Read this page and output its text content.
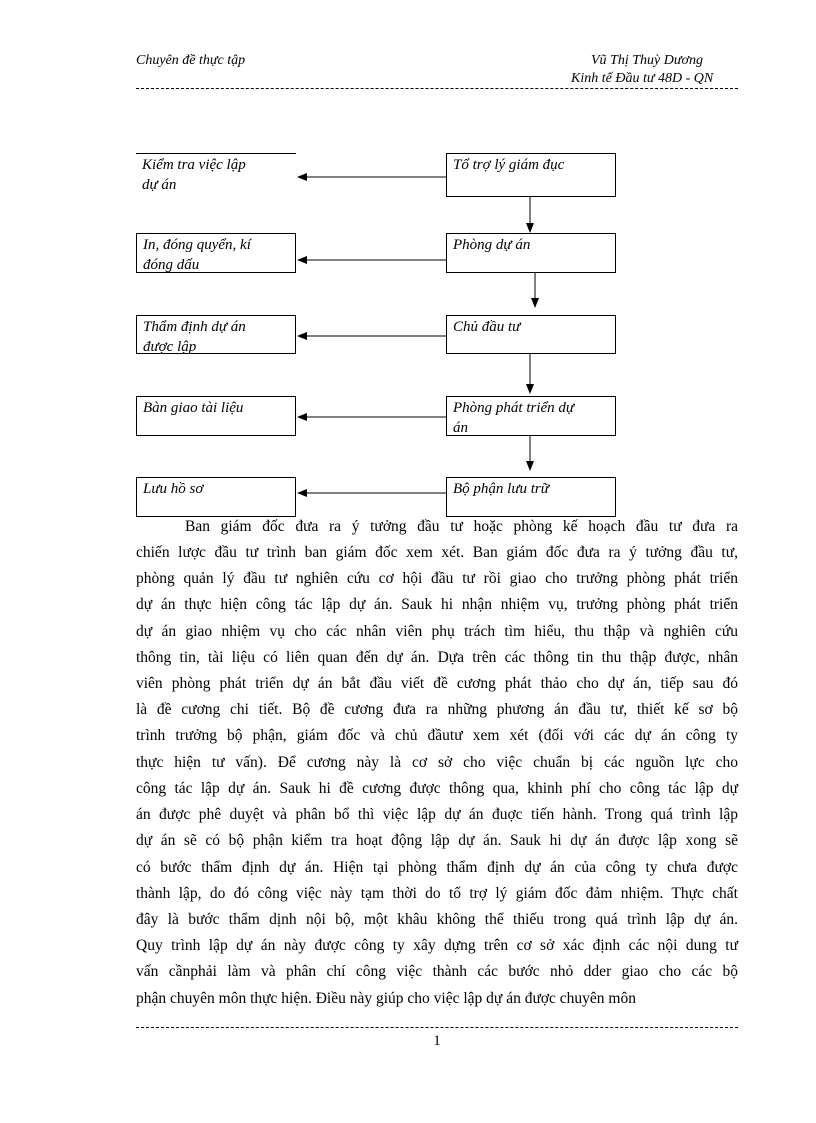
Chuyên đề thực tập	Vũ Thị Thuỳ Dương
Kinh tế Đầu tư 48D - QN
Tổ trợ lý giám đục
Phòng dự án
Chủ đầu tư
Phòng phát triển dự
án
Bộ phận lưu trữ
Kiểm tra việc lập
dự án
In, đóng quyển, kí
đóng dấu
Thẩm định dự án
được lập
Bàn giao tài liệu
Lưu hồ sơ
Ban giám đốc đưa ra ý tưởng đầu tư hoặc phòng kế hoạch đầu tư đưa ra
chiến lược đầu tư trình ban giám đốc xem xét. Ban giám đốc đưa ra ý tưởng đầu tư,
phòng quản lý đầu tư nghiên cứu cơ hội đầu tư rồi giao cho trưởng phòng phát triển
dự án thực hiện công tác lập dự án. Sauk hi nhận nhiệm vụ, trưởng phòng phát triển
dự án giao nhiệm vụ cho các nhân viên phụ trách tìm hiểu, thu thập và nghiên cứu
thông tin, tài liệu có liên quan đến dự án. Dựa trên các thông tin thu thập được, nhân
viên phòng phát triển dự án bắt đầu viết đề cương phát thảo cho dự án, tiếp sau đó
là đề cương chi tiết. Bộ đề cương đưa ra những phương án đầu tư, thiết kế sơ bộ
trình trưởng bộ phận, giám đốc và chủ đầutư xem xét (đối với các dự án công ty
thực hiện tư vấn). Để cương này là cơ sở cho việc chuẩn bị các nguồn lực cho
công tác lập dự án. Sauk hi đề cương được thông qua, khinh phí cho công tác lập dự
án được phê duyệt và phân bổ thì việc lập dự án đuợc tiến hành. Trong quá trình lập
dự án sẽ có bộ phận kiểm tra hoạt động lập dự án. Sauk hi dự án được lập xong sẽ
có bước thẩm định dự án. Hiện tại phòng thẩm định dự án của công ty chưa được
thành lập, do đó công việc này tạm thời do tổ trợ lý giám đốc đảm nhiệm. Thực chất
đây là bước thẩm dịnh nội bộ, một khâu không thể thiếu trong quá trình lập dự án.
Quy trình lập dự án này được công ty xây dựng trên cơ sở xác định các nội dung tư
vấn cầnphải làm và phân chí công việc thành các bước nhỏ dder giao cho các bộ
phận chuyên môn thực hiện. Điều này giúp cho việc lập dự án được chuyên môn
1
